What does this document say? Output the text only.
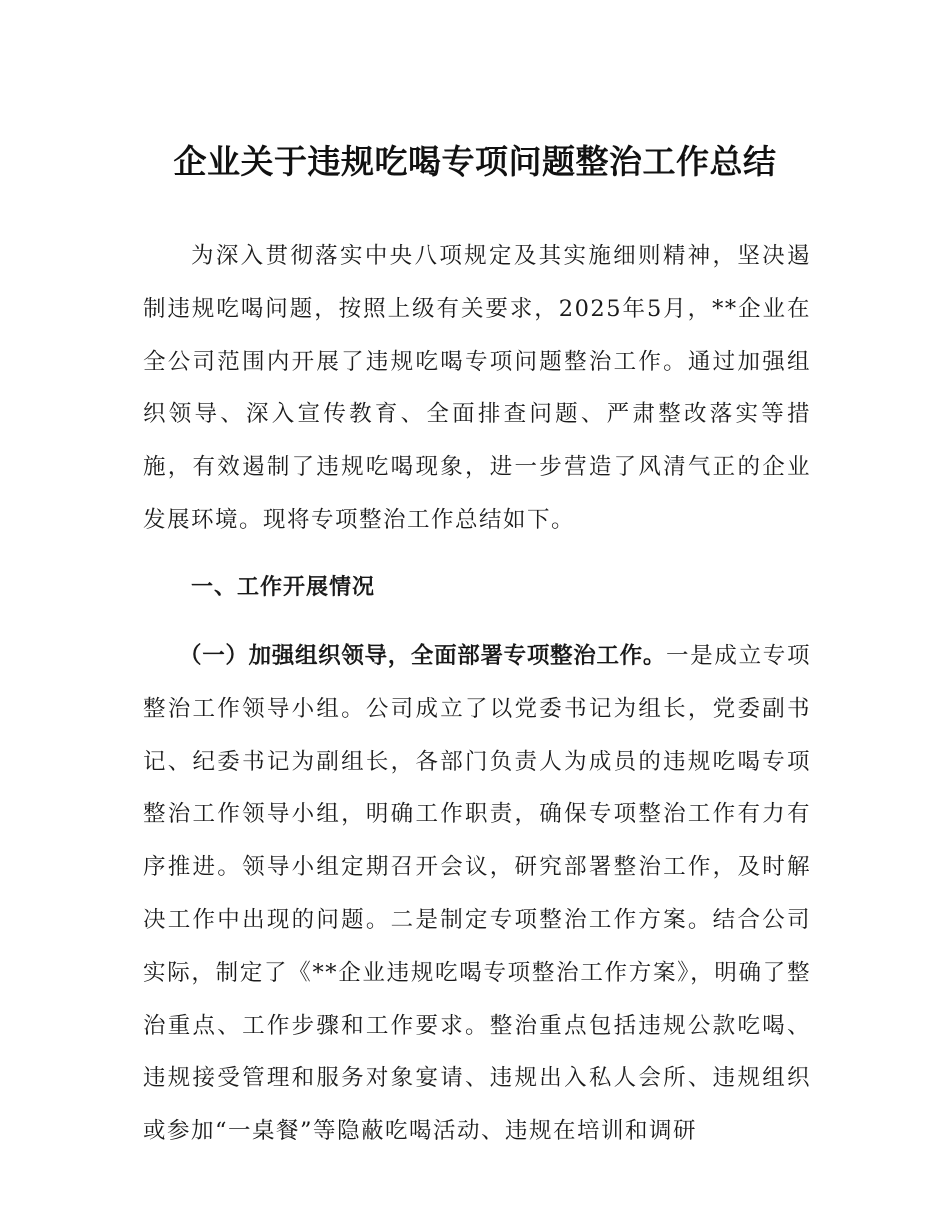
企业关于违规吃喝专项问题整治工作总结

为深入贯彻落实中央八项规定及其实施细则精神，坚决遏制违规吃喝问题，按照上级有关要求，2025年5月，**企业在全公司范围内开展了违规吃喝专项问题整治工作。通过加强组织领导、深入宣传教育、全面排查问题、严肃整改落实等措施，有效遏制了违规吃喝现象，进一步营造了风清气正的企业发展环境。现将专项整治工作总结如下。

一、工作开展情况

（一）加强组织领导，全面部署专项整治工作。一是成立专项整治工作领导小组。公司成立了以党委书记为组长，党委副书记、纪委书记为副组长，各部门负责人为成员的违规吃喝专项整治工作领导小组，明确工作职责，确保专项整治工作有力有序推进。领导小组定期召开会议，研究部署整治工作，及时解决工作中出现的问题。二是制定专项整治工作方案。结合公司实际，制定了《**企业违规吃喝专项整治工作方案》，明确了整治重点、工作步骤和工作要求。整治重点包括违规公款吃喝、违规接受管理和服务对象宴请、违规出入私人会所、违规组织或参加“一桌餐”等隐蔽吃喝活动、违规在培训和调研
